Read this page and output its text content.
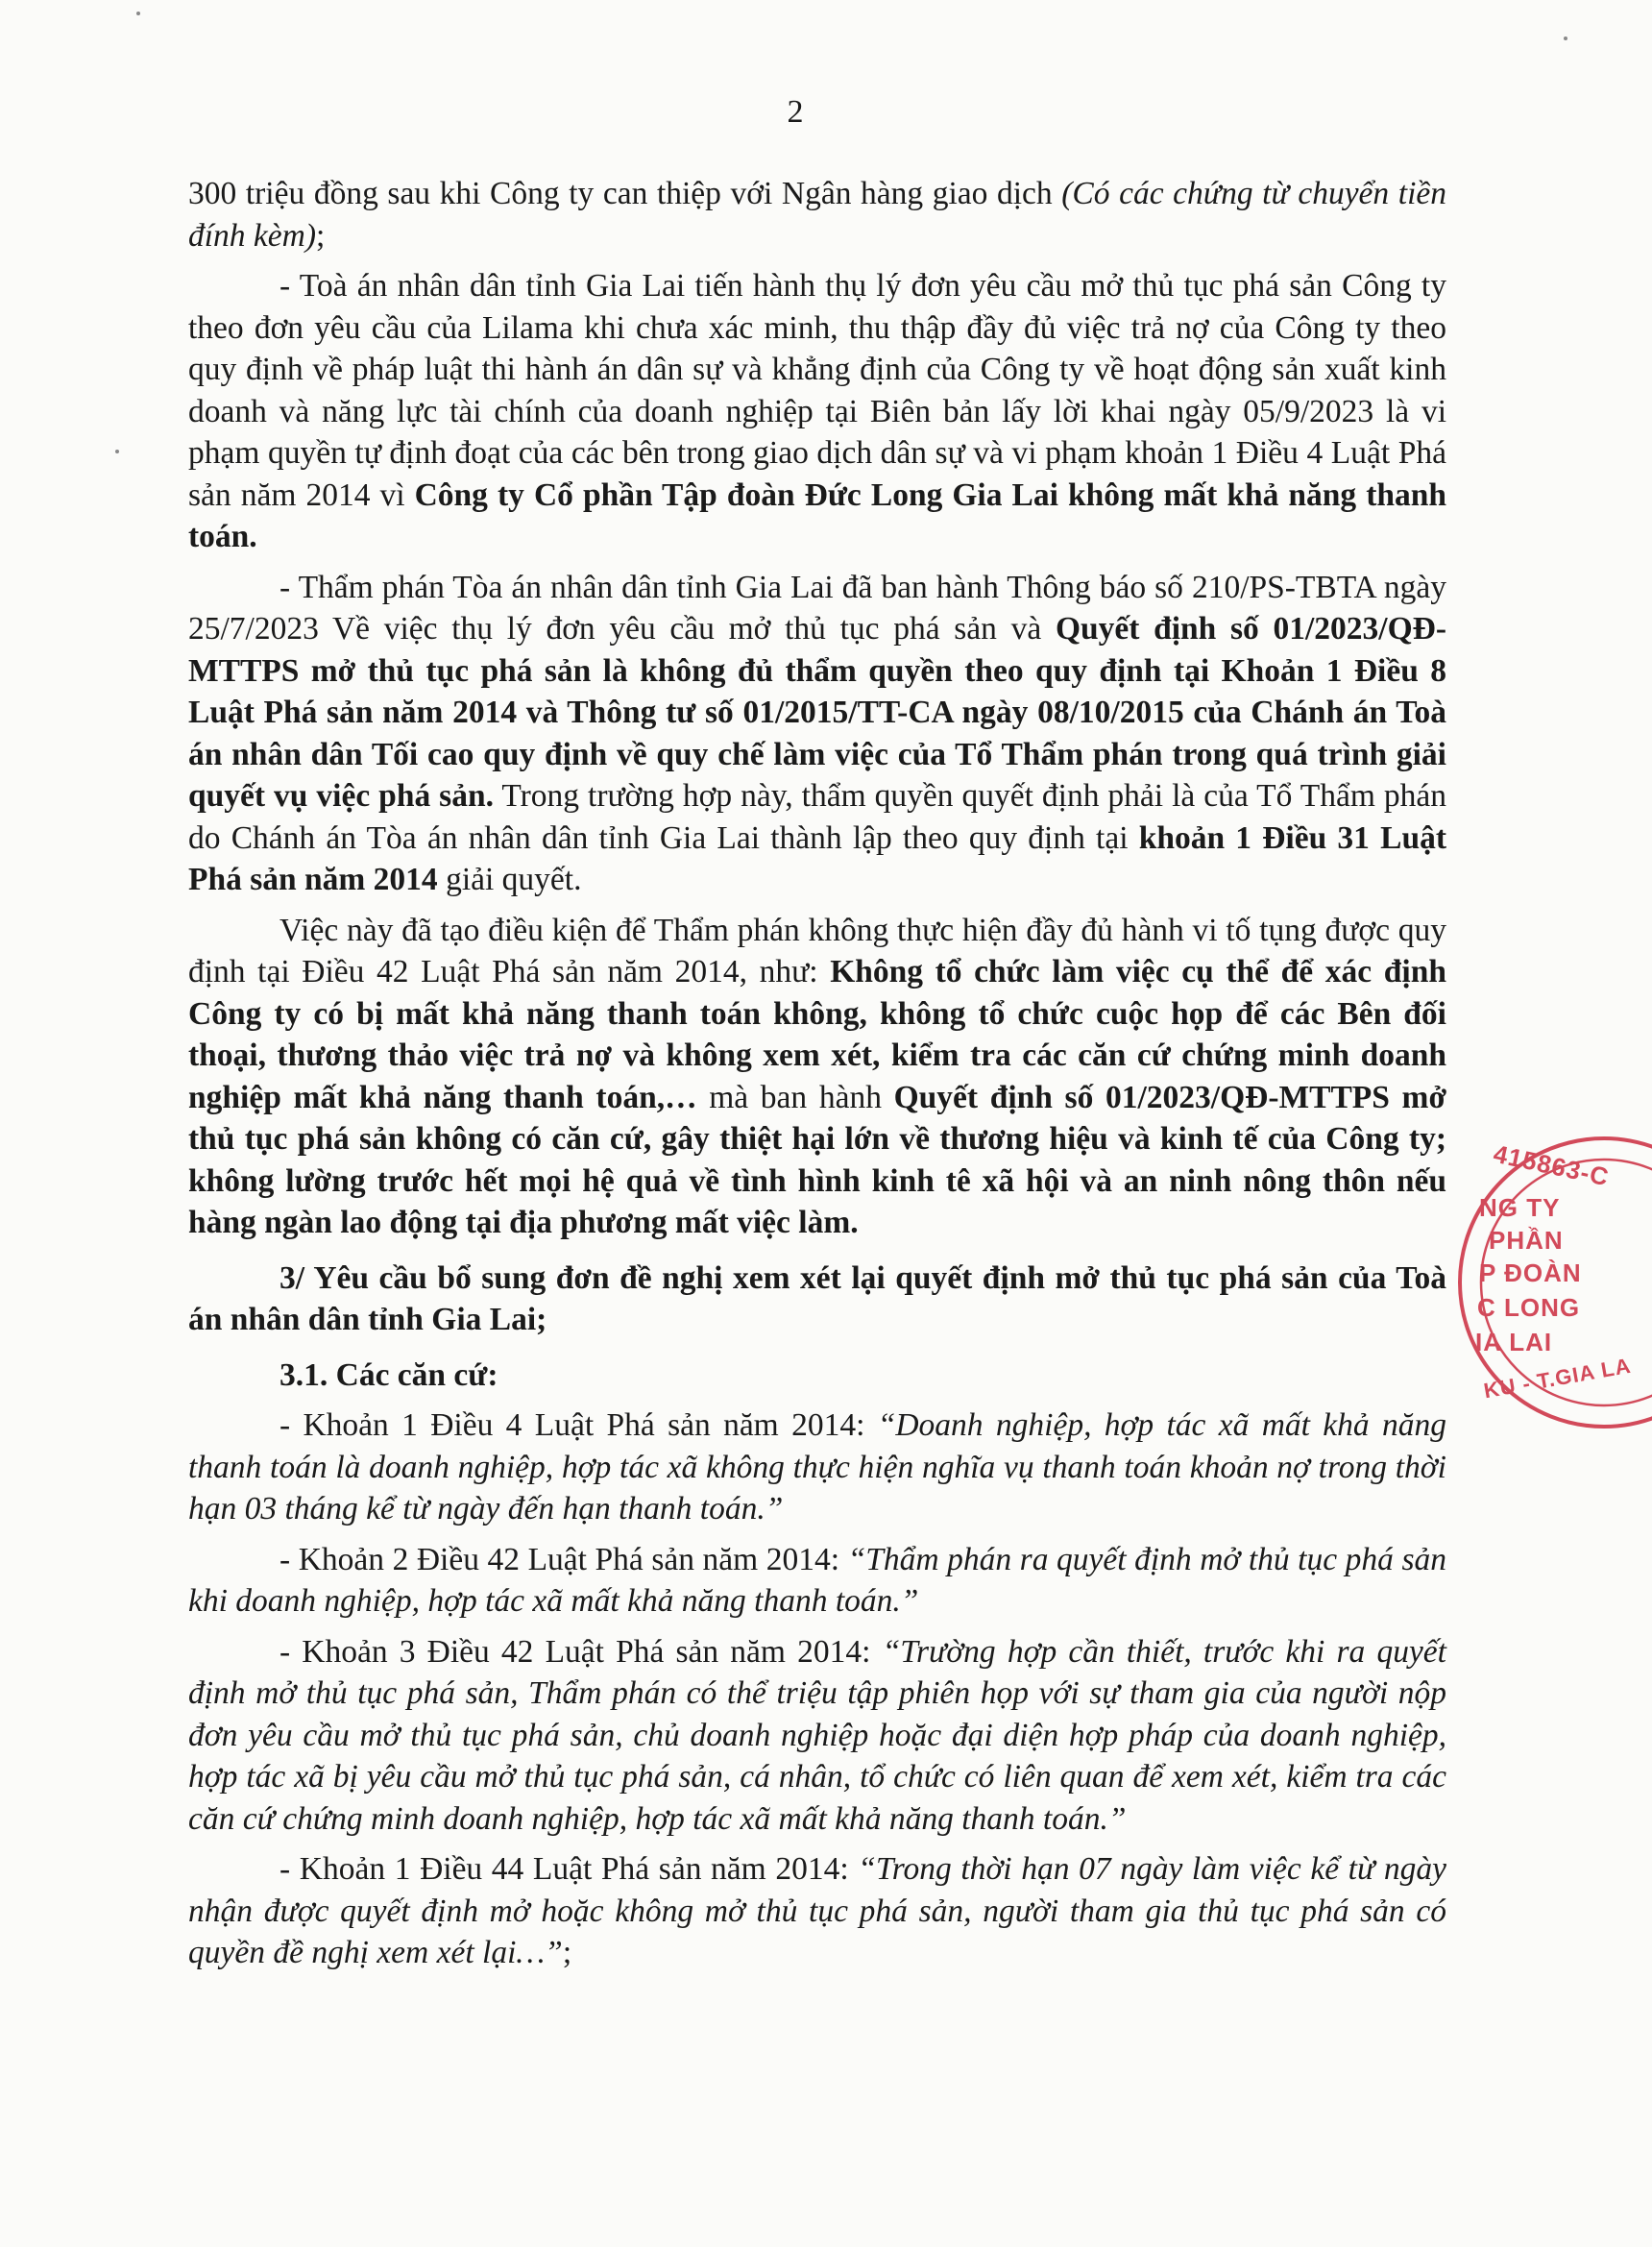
2

300 triệu đồng sau khi Công ty can thiệp với Ngân hàng giao dịch (Có các chứng từ chuyển tiền đính kèm);

- Toà án nhân dân tỉnh Gia Lai tiến hành thụ lý đơn yêu cầu mở thủ tục phá sản Công ty theo đơn yêu cầu của Lilama khi chưa xác minh, thu thập đầy đủ việc trả nợ của Công ty theo quy định về pháp luật thi hành án dân sự và khẳng định của Công ty về hoạt động sản xuất kinh doanh và năng lực tài chính của doanh nghiệp tại Biên bản lấy lời khai ngày 05/9/2023 là vi phạm quyền tự định đoạt của các bên trong giao dịch dân sự và vi phạm khoản 1 Điều 4 Luật Phá sản năm 2014 vì Công ty Cổ phần Tập đoàn Đức Long Gia Lai không mất khả năng thanh toán.

- Thẩm phán Tòa án nhân dân tỉnh Gia Lai đã ban hành Thông báo số 210/PS-TBTA ngày 25/7/2023 Về việc thụ lý đơn yêu cầu mở thủ tục phá sản và Quyết định số 01/2023/QĐ-MTTPS mở thủ tục phá sản là không đủ thẩm quyền theo quy định tại Khoản 1 Điều 8 Luật Phá sản năm 2014 và Thông tư số 01/2015/TT-CA ngày 08/10/2015 của Chánh án Toà án nhân dân Tối cao quy định về quy chế làm việc của Tổ Thẩm phán trong quá trình giải quyết vụ việc phá sản. Trong trường hợp này, thẩm quyền quyết định phải là của Tổ Thẩm phán do Chánh án Tòa án nhân dân tỉnh Gia Lai thành lập theo quy định tại khoản 1 Điều 31 Luật Phá sản năm 2014 giải quyết.

Việc này đã tạo điều kiện để Thẩm phán không thực hiện đầy đủ hành vi tố tụng được quy định tại Điều 42 Luật Phá sản năm 2014, như: Không tổ chức làm việc cụ thể để xác định Công ty có bị mất khả năng thanh toán không, không tổ chức cuộc họp để các Bên đối thoại, thương thảo việc trả nợ và không xem xét, kiểm tra các căn cứ chứng minh doanh nghiệp mất khả năng thanh toán,… mà ban hành Quyết định số 01/2023/QĐ-MTTPS mở thủ tục phá sản không có căn cứ, gây thiệt hại lớn về thương hiệu và kinh tế của Công ty; không lường trước hết mọi hệ quả về tình hình kinh tê xã hội và an ninh nông thôn nếu hàng ngàn lao động tại địa phương mất việc làm.

3/ Yêu cầu bổ sung đơn đề nghị xem xét lại quyết định mở thủ tục phá sản của Toà án nhân dân tỉnh Gia Lai;

3.1. Các căn cứ:

- Khoản 1 Điều 4 Luật Phá sản năm 2014: “Doanh nghiệp, hợp tác xã mất khả năng thanh toán là doanh nghiệp, hợp tác xã không thực hiện nghĩa vụ thanh toán khoản nợ trong thời hạn 03 tháng kể từ ngày đến hạn thanh toán.”

- Khoản 2 Điều 42 Luật Phá sản năm 2014: “Thẩm phán ra quyết định mở thủ tục phá sản khi doanh nghiệp, hợp tác xã mất khả năng thanh toán.”

- Khoản 3 Điều 42 Luật Phá sản năm 2014: “Trường hợp cần thiết, trước khi ra quyết định mở thủ tục phá sản, Thẩm phán có thể triệu tập phiên họp với sự tham gia của người nộp đơn yêu cầu mở thủ tục phá sản, chủ doanh nghiệp hoặc đại diện hợp pháp của doanh nghiệp, hợp tác xã bị yêu cầu mở thủ tục phá sản, cá nhân, tổ chức có liên quan để xem xét, kiểm tra các căn cứ chứng minh doanh nghiệp, hợp tác xã mất khả năng thanh toán.”

- Khoản 1 Điều 44 Luật Phá sản năm 2014: “Trong thời hạn 07 ngày làm việc kể từ ngày nhận được quyết định mở hoặc không mở thủ tục phá sản, người tham gia thủ tục phá sản có quyền đề nghị xem xét lại…”;

415863-C
NG TY
PHẦN
P ĐOÀN
C LONG
IA LAI
KU - T.GIA LA
